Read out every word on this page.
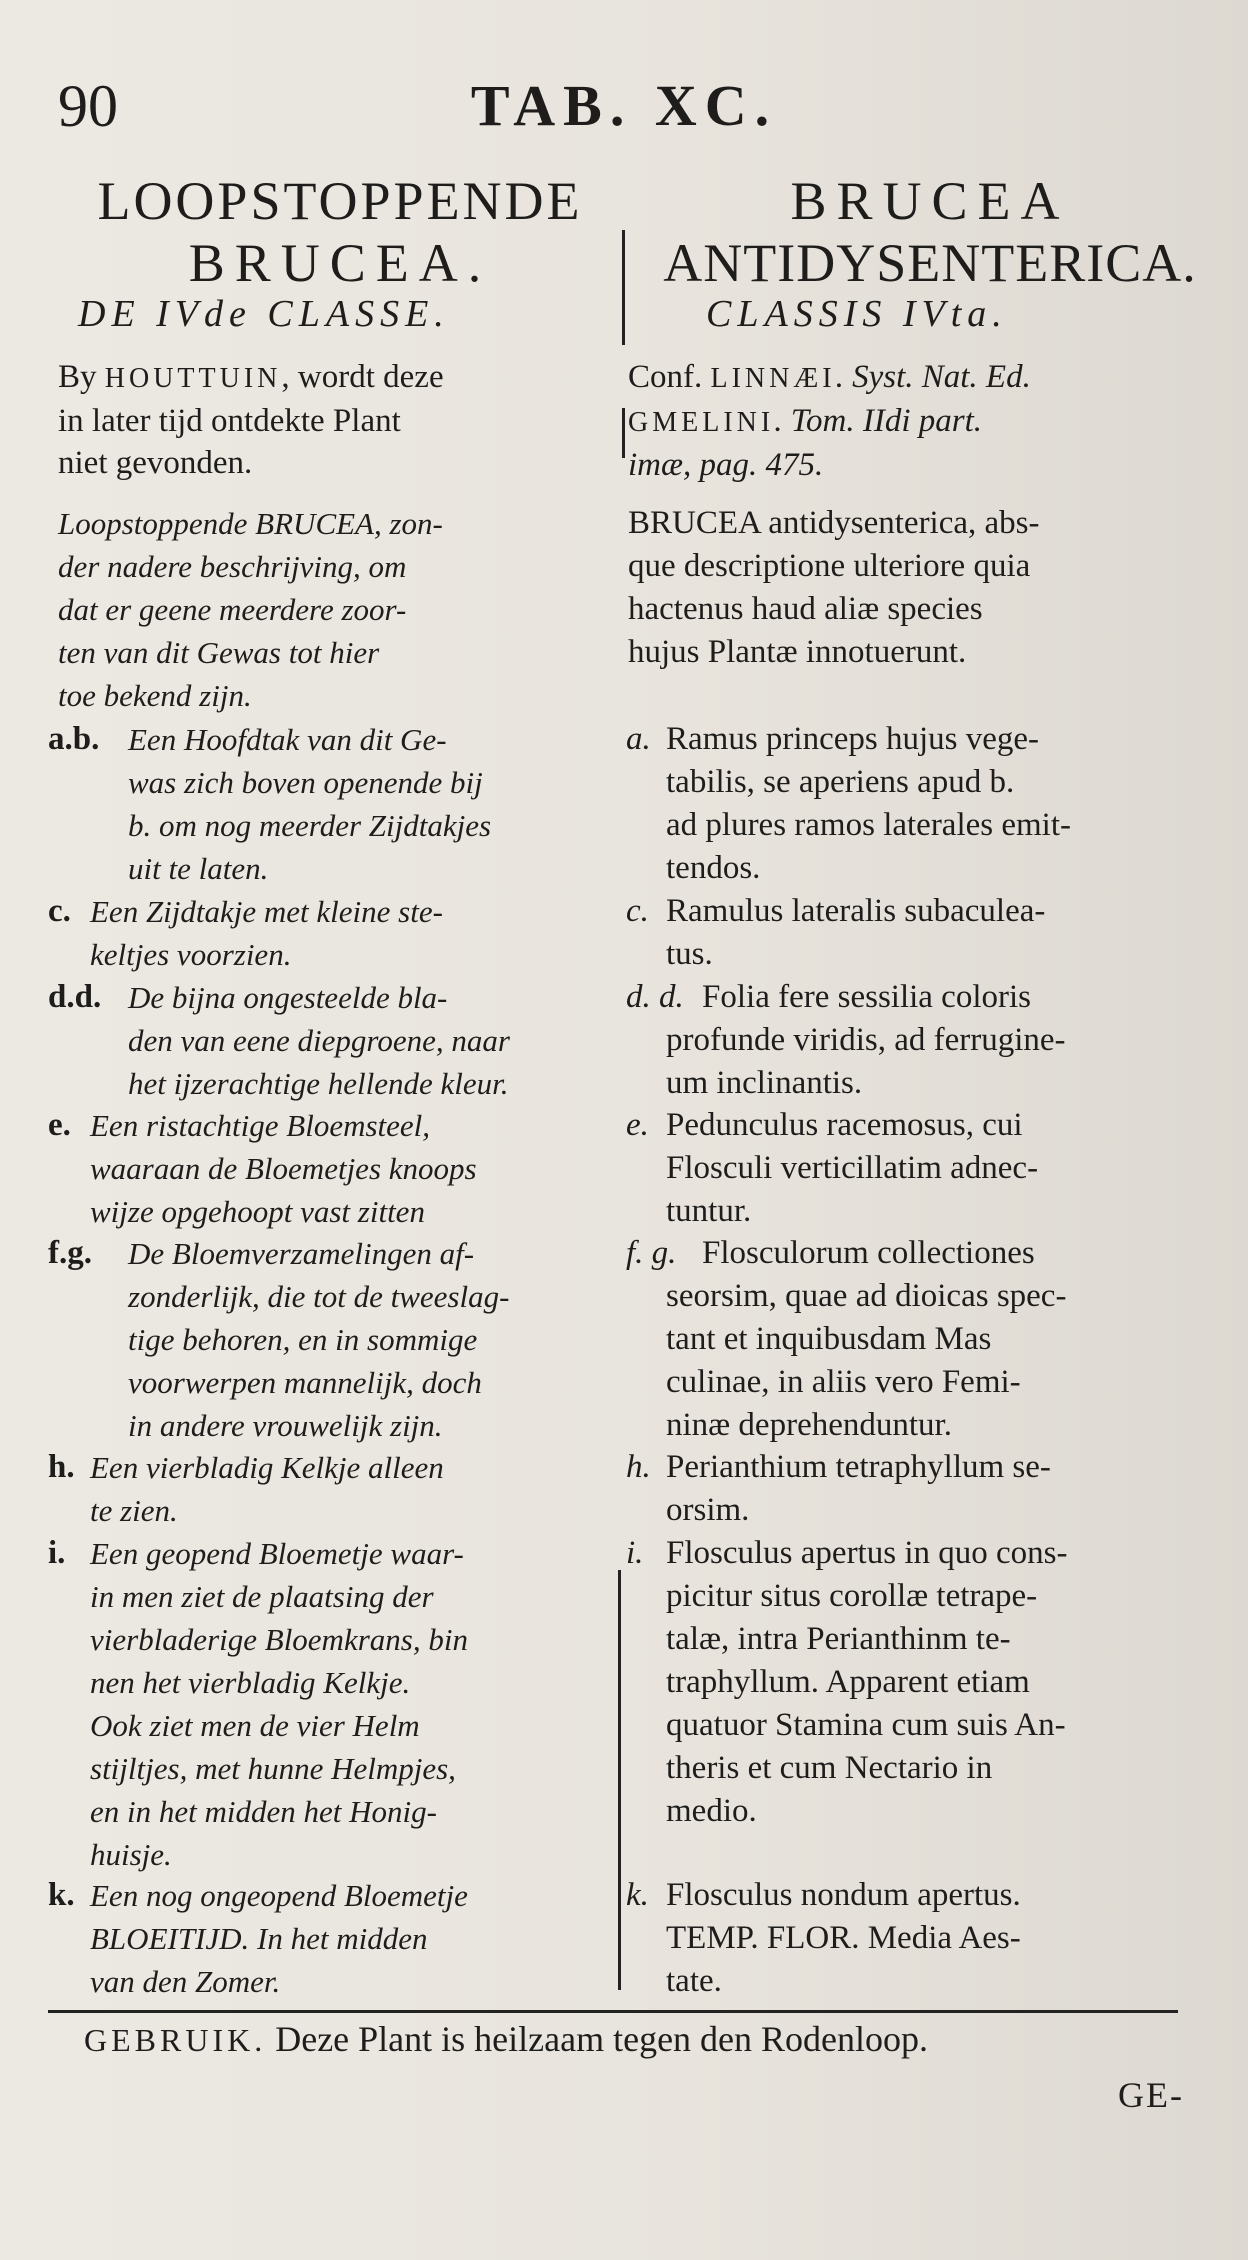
90	TAB. XC.
LOOPSTOPPENDE
BRUCEA.
BRUCEA
ANTIDYSENTERICA.
DE IVde CLASSE.	CLASSIS IVta.
By HOUTTUIN, wordt deze
in later tijd ontdekte Plant
niet gevonden.
Conf. LINNÆI. Syst. Nat. Ed.
GMELINI. Tom. IIdi part.
imæ, pag. 475.
Loopstoppende BRUCEA, zon-
der nadere beschrijving, om
dat er geene meerdere zoor-
ten van dit Gewas tot hier
toe bekend zijn.
a.b. Een Hoofdtak van dit Ge-
was zich boven openende bij
b. om nog meerder Zijdtakjes
uit te laten.
c. Een Zijdtakje met kleine ste-
keltjes voorzien.
d.d. De bijna ongesteelde bla-
den van eene diepgroene, naar
het ijzerachtige hellende kleur.
e. Een ristachtige Bloemsteel,
waaraan de Bloemetjes knoops
wijze opgehoopt vast zitten
f.g. De Bloemverzamelingen af-
zonderlijk, die tot de tweeslag-
tige behoren, en in sommige
voorwerpen mannelijk, doch
in andere vrouwelijk zijn.
h. Een vierbladig Kelkje alleen
te zien.
i. Een geopend Bloemetje waar-
in men ziet de plaatsing der
vierbladerige Bloemkrans, bin
nen het vierbladig Kelkje.
Ook ziet men de vier Helm
stijltjes, met hunne Helmpjes,
en in het midden het Honig-
huisje.
k. Een nog ongeopend Bloemetje
BLOEITIJD. In het midden
van den Zomer.
BRUCEA antidysenterica, abs-
que descriptione ulteriore quia
hactenus haud aliæ species
hujus Plantæ innotuerunt.
a. Ramus princeps hujus vege-
tabilis, se aperiens apud b.
ad plures ramos laterales emit-
tendos.
c. Ramulus lateralis subaculea-
tus.
d. d. Folia fere sessilia coloris
profunde viridis, ad ferrugine-
um inclinantis.
e. Pedunculus racemosus, cui
Flosculi verticillatim adnec-
tuntur.
f. g. Flosculorum collectiones
seorsim, quae ad dioicas spec-
tant et inquibusdam Mas
culinae, in aliis vero Femi-
ninæ deprehenduntur.
h. Perianthium tetraphyllum se-
orsim.
i. Flosculus apertus in quo cons-
picitur situs corollæ tetrape-
talæ, intra Perianthinm te-
traphyllum. Apparent etiam
quatuor Stamina cum suis An-
theris et cum Nectario in
medio.
k. Flosculus nondum apertus.
TEMP. FLOR. Media Aes-
tate.
GEBRUIK. Deze Plant is heilzaam tegen den Rodenloop.
GE-
